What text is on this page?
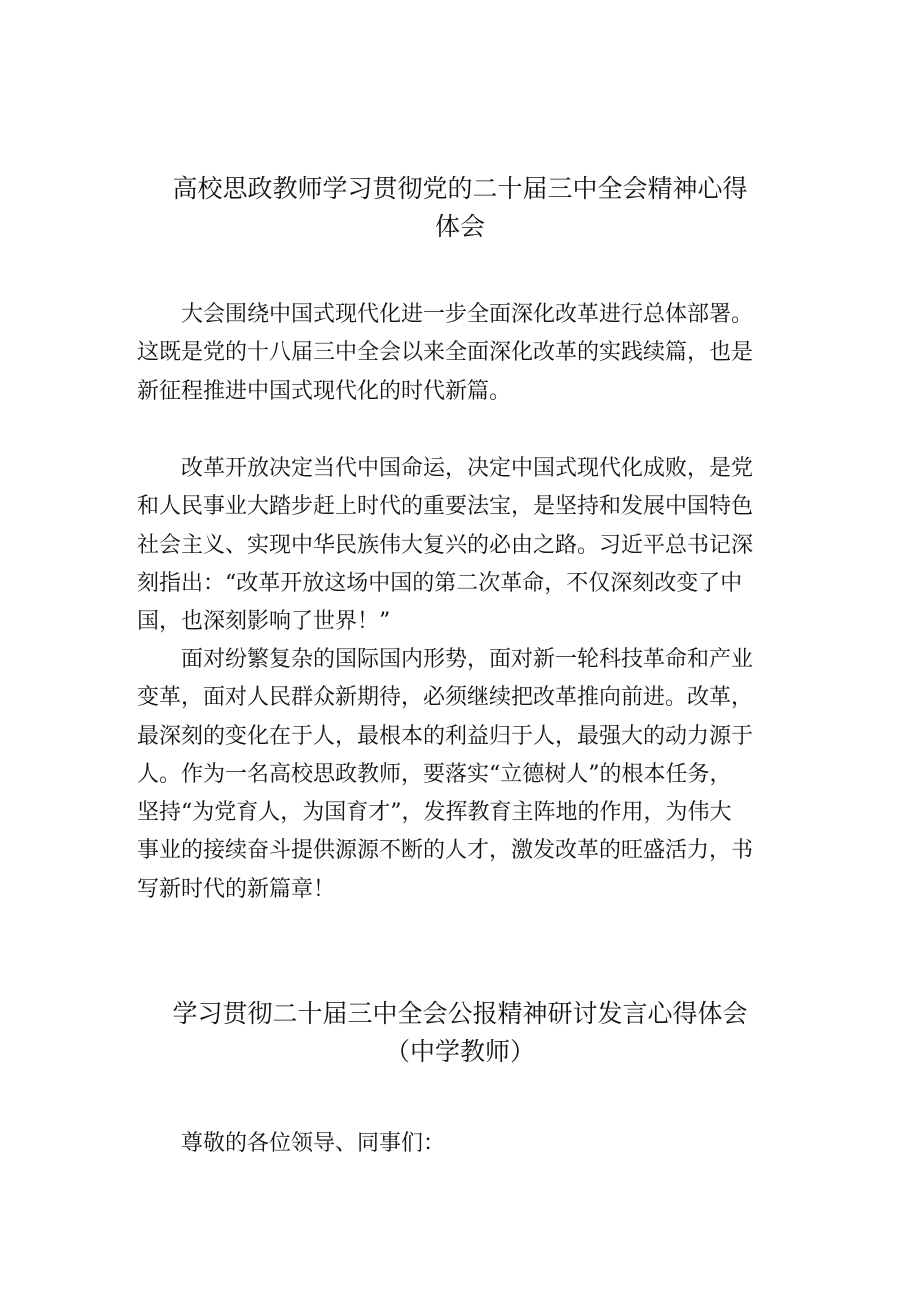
高校思政教师学习贯彻党的二十届三中全会精神心得
体会

　　大会围绕中国式现代化进一步全面深化改革进行总体部署。
这既是党的十八届三中全会以来全面深化改革的实践续篇，也是
新征程推进中国式现代化的时代新篇。

　　改革开放决定当代中国命运，决定中国式现代化成败，是党
和人民事业大踏步赶上时代的重要法宝，是坚持和发展中国特色
社会主义、实现中华民族伟大复兴的必由之路。习近平总书记深
刻指出：“改革开放这场中国的第二次革命，不仅深刻改变了中
国，也深刻影响了世界！”

　　面对纷繁复杂的国际国内形势，面对新一轮科技革命和产业
变革，面对人民群众新期待，必须继续把改革推向前进。改革，
最深刻的变化在于人，最根本的利益归于人，最强大的动力源于
人。作为一名高校思政教师，要落实“立德树人”的根本任务，
坚持“为党育人，为国育才”，发挥教育主阵地的作用，为伟大
事业的接续奋斗提供源源不断的人才，激发改革的旺盛活力，书
写新时代的新篇章！

学习贯彻二十届三中全会公报精神研讨发言心得体会
（中学教师）

　　尊敬的各位领导、同事们：
